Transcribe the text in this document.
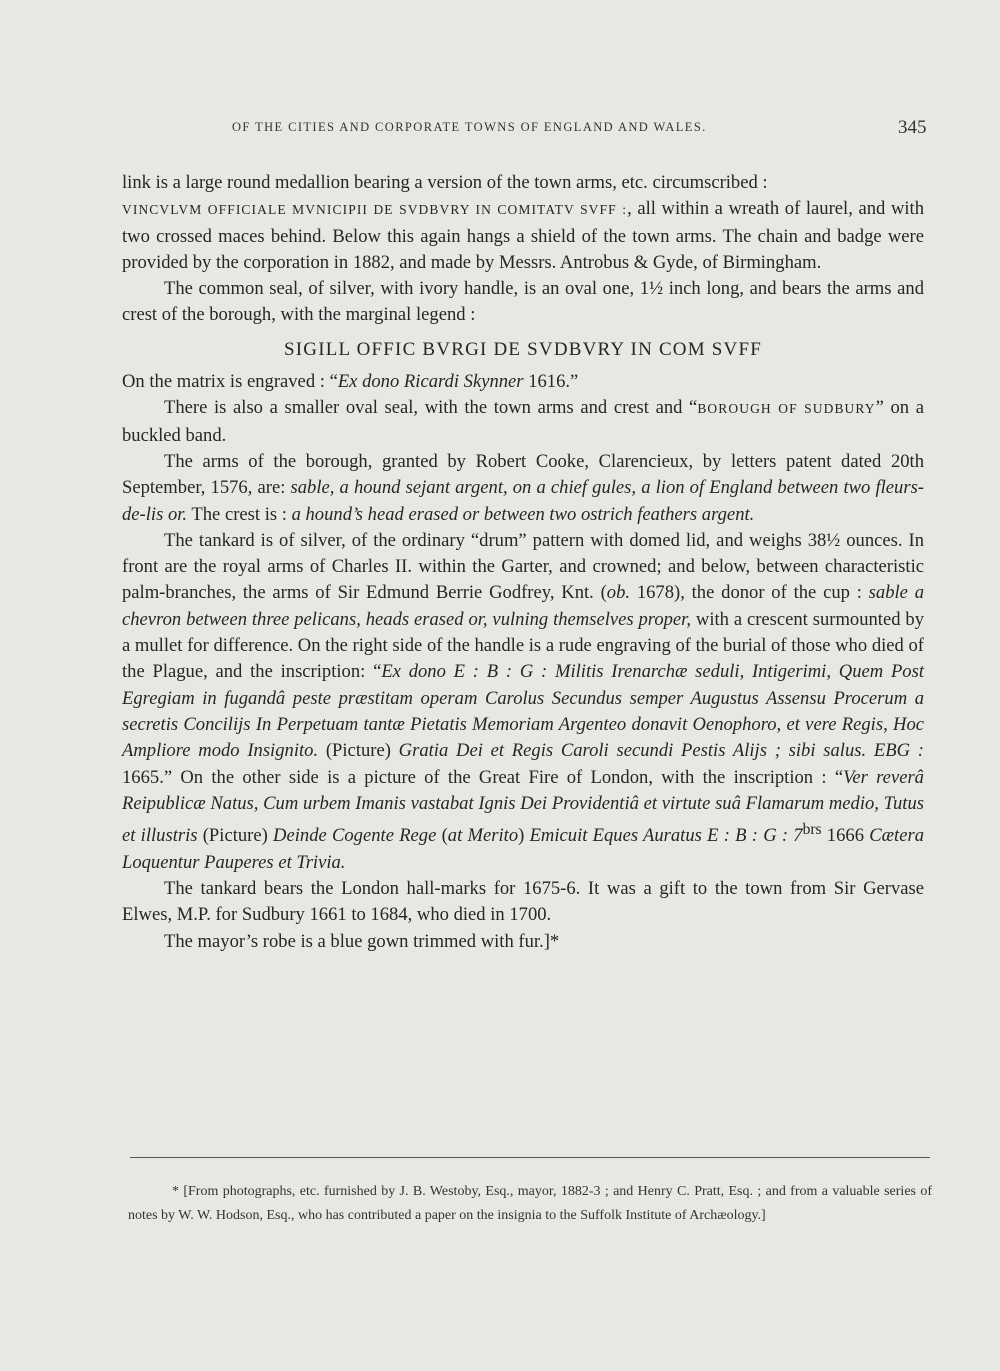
OF THE CITIES AND CORPORATE TOWNS OF ENGLAND AND WALES.	345

link is a large round medallion bearing a version of the town arms, etc. circumscribed :
VINCVLVM OFFICIALE MVNICIPII DE SVDBVRY IN COMITATV SVFF :, all within a wreath of laurel, and with two crossed maces behind. Below this again hangs a shield of the town arms. The chain and badge were provided by the corporation in 1882, and made by Messrs. Antrobus & Gyde, of Birmingham.

The common seal, of silver, with ivory handle, is an oval one, 1½ inch long, and bears the arms and crest of the borough, with the marginal legend :

SIGILL OFFIC BVRGI DE SVDBVRY IN COM SVFF

On the matrix is engraved : “Ex dono Ricardi Skynner 1616.”

There is also a smaller oval seal, with the town arms and crest and “BOROUGH OF SUDBURY” on a buckled band.

The arms of the borough, granted by Robert Cooke, Clarencieux, by letters patent dated 20th September, 1576, are: sable, a hound sejant argent, on a chief gules, a lion of England between two fleurs-de-lis or. The crest is : a hound’s head erased or between two ostrich feathers argent.

The tankard is of silver, of the ordinary “drum” pattern with domed lid, and weighs 38½ ounces. In front are the royal arms of Charles II. within the Garter, and crowned; and below, between characteristic palm-branches, the arms of Sir Edmund Berrie Godfrey, Knt. (ob. 1678), the donor of the cup : sable a chevron between three pelicans, heads erased or, vulning themselves proper, with a crescent surmounted by a mullet for difference. On the right side of the handle is a rude engraving of the burial of those who died of the Plague, and the inscription: “Ex dono E : B : G : Militis Irenarchæ seduli, Intigerimi, Quem Post Egregiam in fugandâ peste præstitam operam Carolus Secundus semper Augustus Assensu Procerum a secretis Concilijs In Perpetuam tantæ Pietatis Memoriam Argenteo donavit Oenophoro, et vere Regis, Hoc Ampliore modo Insignito. (Picture) Gratia Dei et Regis Caroli secundi Pestis Alijs ; sibi salus. EBG : 1665.” On the other side is a picture of the Great Fire of London, with the inscription : “Ver reverâ Reipublicæ Natus, Cum urbem Imanis vastabat Ignis Dei Providentiâ et virtute suâ Flamarum medio, Tutus et illustris (Picture) Deinde Cogente Rege (at Merito) Emicuit Eques Auratus E : B : G : $7^{brs}$ 1666 Cætera Loquentur Pauperes et Trivia.

The tankard bears the London hall-marks for 1675-6. It was a gift to the town from Sir Gervase Elwes, M.P. for Sudbury 1661 to 1684, who died in 1700.

The mayor’s robe is a blue gown trimmed with fur.]*

* [From photographs, etc. furnished by J. B. Westoby, Esq., mayor, 1882-3 ; and Henry C. Pratt, Esq. ; and from a valuable series of notes by W. W. Hodson, Esq., who has contributed a paper on the insignia to the Suffolk Institute of Archæology.]
